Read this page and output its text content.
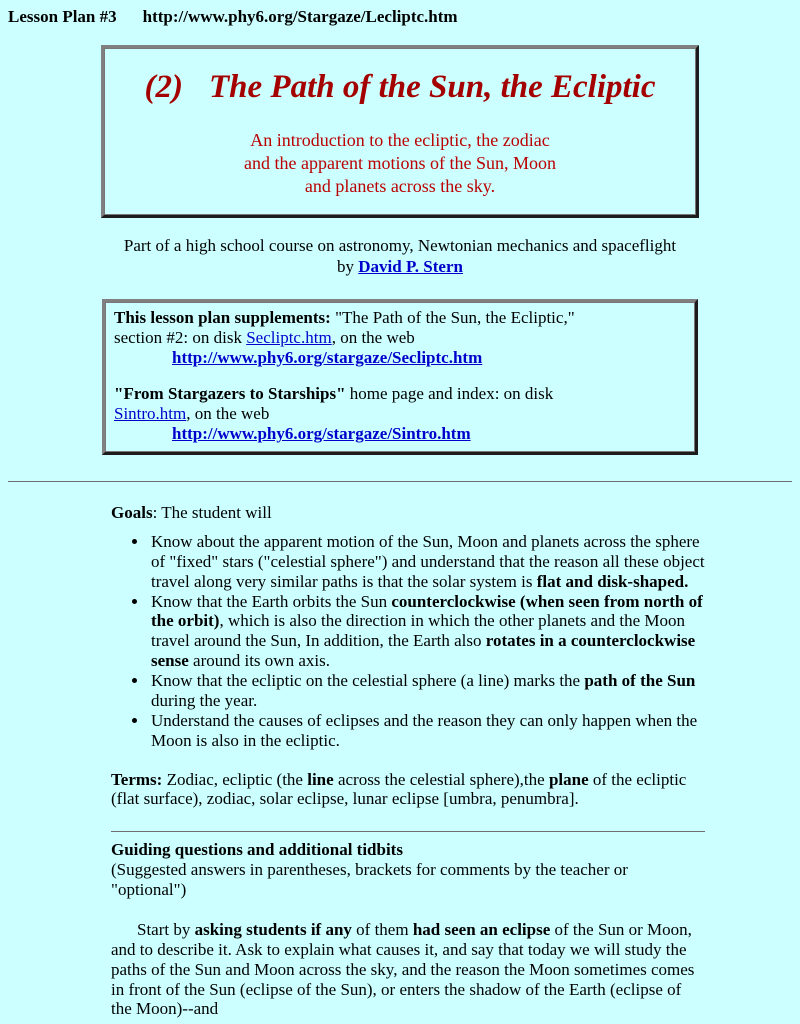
Lesson Plan #3 http://www.phy6.org/Stargaze/Lecliptc.htm
(2) The Path of the Sun, the Ecliptic
An introduction to the ecliptic, the zodiac
and the apparent motions of the Sun, Moon
and planets across the sky.
Part of a high school course on astronomy, Newtonian mechanics and spaceflight
by David P. Stern

This lesson plan supplements: "The Path of the Sun, the Ecliptic,"

section #2: on disk Secliptc.htm, on the web

http://www.phy6.org/stargaze/Secliptc.htm

"From Stargazers to Starships" home page and index: on disk

Sintro.htm, on the web

http://www.phy6.org/stargaze/Sintro.htm

Goals: The student will

• Know about the apparent motion of the Sun, Moon and planets across the sphere of "fixed" stars ("celestial sphere") and understand that the reason all these object travel along very similar paths is that the solar system is flat and disk-shaped.
• Know that the Earth orbits the Sun counterclockwise (when seen from north of the orbit), which is also the direction in which the other planets and the Moon travel around the Sun, In addition, the Earth also rotates in a counterclockwise sense around its own axis.
• Know that the ecliptic on the celestial sphere (a line) marks the path of the Sun during the year.
• Understand the causes of eclipses and the reason they can only happen when the Moon is also in the ecliptic.

Terms: Zodiac, ecliptic (the line across the celestial sphere),the plane of the ecliptic (flat surface), zodiac, solar eclipse, lunar eclipse [umbra, penumbra].

Guiding questions and additional tidbits

(Suggested answers in parentheses, brackets for comments by the teacher or "optional")

Start by asking students if any of them had seen an eclipse of the Sun or Moon, and to describe it. Ask to explain what causes it, and say that today we will study the paths of the Sun and Moon across the sky, and the reason the Moon sometimes comes in front of the Sun (eclipse of the Sun), or enters the shadow of the Earth (eclipse of the Moon)--and
